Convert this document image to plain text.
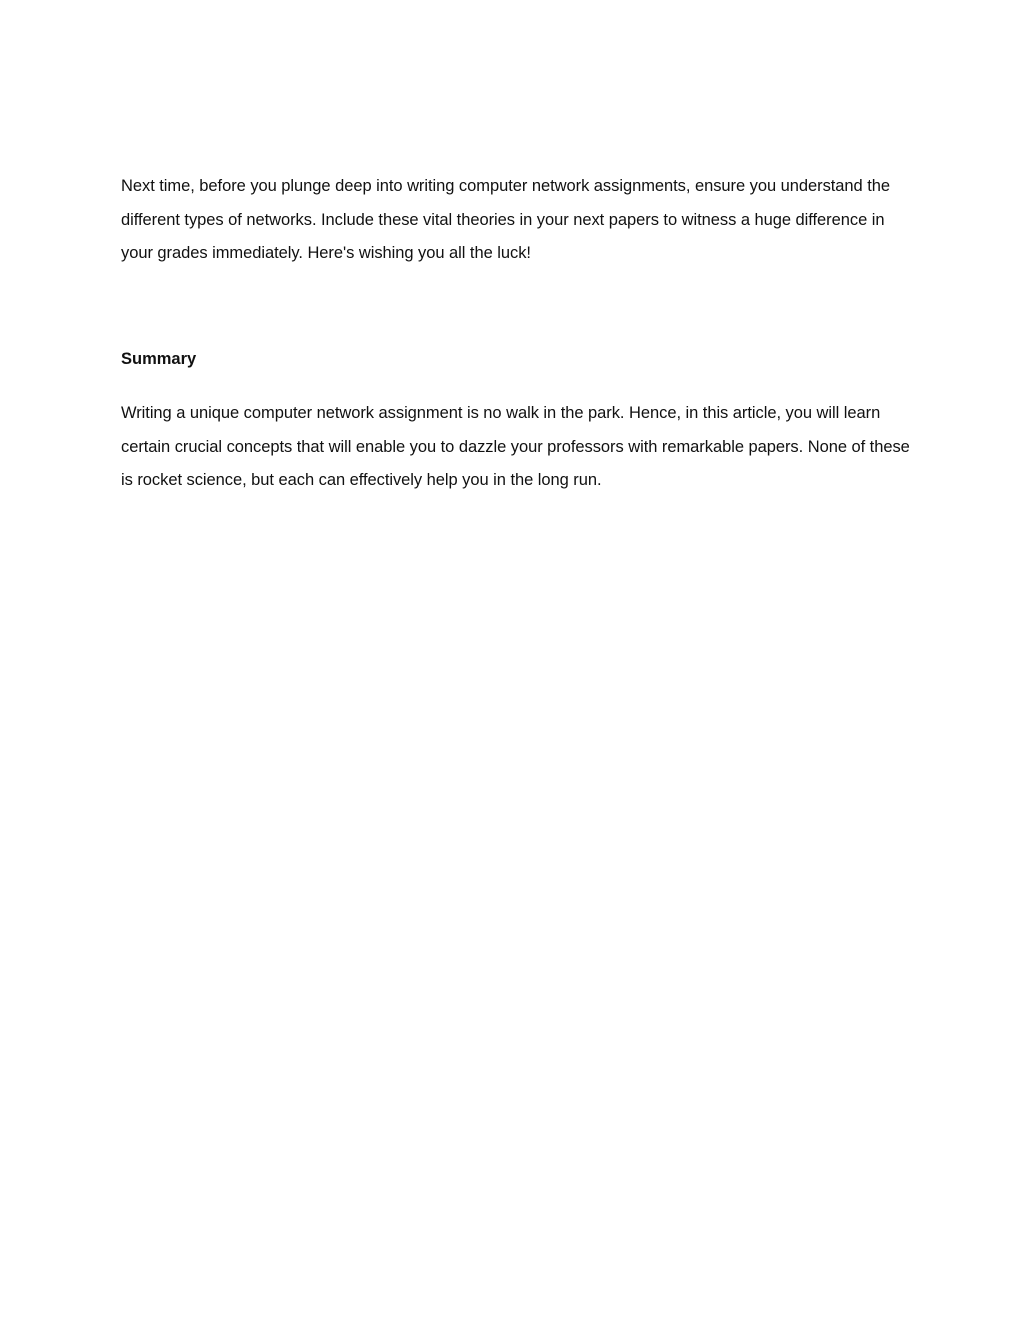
Next time, before you plunge deep into writing computer network assignments, ensure you understand the different types of networks. Include these vital theories in your next papers to witness a huge difference in your grades immediately. Here's wishing you all the luck!

Summary

Writing a unique computer network assignment is no walk in the park. Hence, in this article, you will learn certain crucial concepts that will enable you to dazzle your professors with remarkable papers. None of these is rocket science, but each can effectively help you in the long run.
